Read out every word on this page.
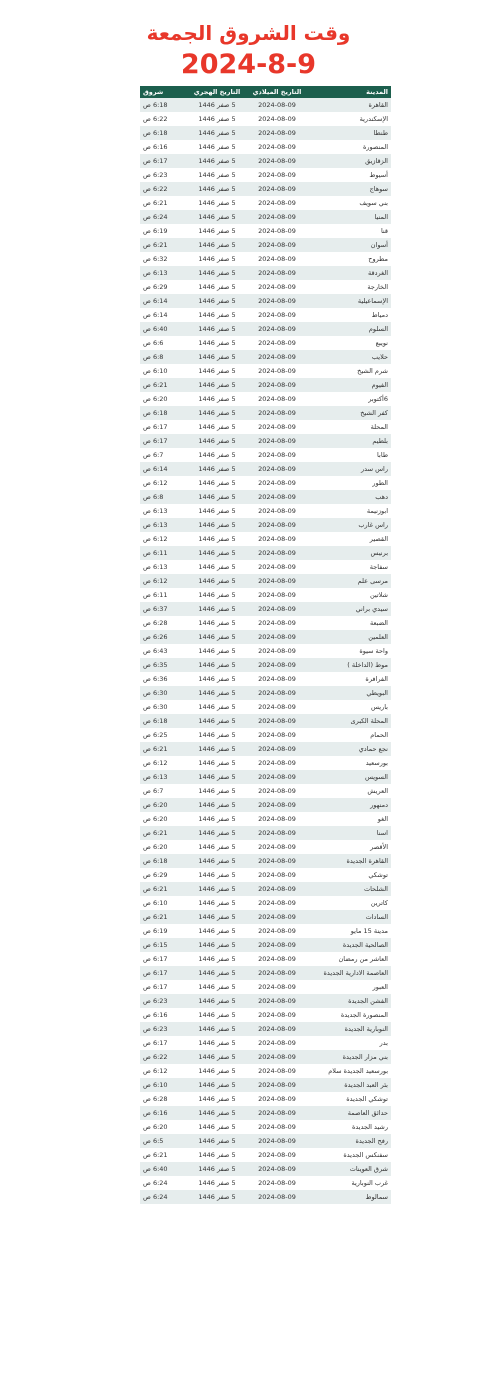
وقت الشروق الجمعة
2024-8-9
المدينة	التاريخ الميلادي	التاريخ الهجري	شروق
القاهرة	2024-08-09	5 صفر 1446	6:18 ص
الإسكندرية	2024-08-09	5 صفر 1446	6:22 ص
طنطا	2024-08-09	5 صفر 1446	6:18 ص
المنصورة	2024-08-09	5 صفر 1446	6:16 ص
الزقازيق	2024-08-09	5 صفر 1446	6:17 ص
أسيوط	2024-08-09	5 صفر 1446	6:23 ص
سوهاج	2024-08-09	5 صفر 1446	6:22 ص
بني سويف	2024-08-09	5 صفر 1446	6:21 ص
المنيا	2024-08-09	5 صفر 1446	6:24 ص
قنا	2024-08-09	5 صفر 1446	6:19 ص
أسوان	2024-08-09	5 صفر 1446	6:21 ص
مطروح	2024-08-09	5 صفر 1446	6:32 ص
الغردقة	2024-08-09	5 صفر 1446	6:13 ص
الخارجة	2024-08-09	5 صفر 1446	6:29 ص
الإسماعيلية	2024-08-09	5 صفر 1446	6:14 ص
دمياط	2024-08-09	5 صفر 1446	6:14 ص
السلوم	2024-08-09	5 صفر 1446	6:40 ص
نويبع	2024-08-09	5 صفر 1446	6:6 ص
حلايب	2024-08-09	5 صفر 1446	6:8 ص
شرم الشيخ	2024-08-09	5 صفر 1446	6:10 ص
الفيوم	2024-08-09	5 صفر 1446	6:21 ص
6أكتوبر	2024-08-09	5 صفر 1446	6:20 ص
كفر الشيخ	2024-08-09	5 صفر 1446	6:18 ص
المحلة	2024-08-09	5 صفر 1446	6:17 ص
بلطيم	2024-08-09	5 صفر 1446	6:17 ص
طابا	2024-08-09	5 صفر 1446	6:7 ص
راس سدر	2024-08-09	5 صفر 1446	6:14 ص
الطور	2024-08-09	5 صفر 1446	6:12 ص
دهب	2024-08-09	5 صفر 1446	6:8 ص
ابوزنيمة	2024-08-09	5 صفر 1446	6:13 ص
راس غارب	2024-08-09	5 صفر 1446	6:13 ص
القصير	2024-08-09	5 صفر 1446	6:12 ص
برنيس	2024-08-09	5 صفر 1446	6:11 ص
سفاجة	2024-08-09	5 صفر 1446	6:13 ص
مرسى علم	2024-08-09	5 صفر 1446	6:12 ص
شلاتين	2024-08-09	5 صفر 1446	6:11 ص
سيدي براني	2024-08-09	5 صفر 1446	6:37 ص
الضبعة	2024-08-09	5 صفر 1446	6:28 ص
العلمين	2024-08-09	5 صفر 1446	6:26 ص
واحة سيوة	2024-08-09	5 صفر 1446	6:43 ص
موط (الداخلة )	2024-08-09	5 صفر 1446	6:35 ص
الفرافرة	2024-08-09	5 صفر 1446	6:36 ص
البويطي	2024-08-09	5 صفر 1446	6:30 ص
باريس	2024-08-09	5 صفر 1446	6:30 ص
المحلة الكبرى	2024-08-09	5 صفر 1446	6:18 ص
الحمام	2024-08-09	5 صفر 1446	6:25 ص
نجع حمادي	2024-08-09	5 صفر 1446	6:21 ص
بورسعيد	2024-08-09	5 صفر 1446	6:12 ص
السويس	2024-08-09	5 صفر 1446	6:13 ص
العريش	2024-08-09	5 صفر 1446	6:7 ص
دمنهور	2024-08-09	5 صفر 1446	6:20 ص
الغو	2024-08-09	5 صفر 1446	6:20 ص
اسنا	2024-08-09	5 صفر 1446	6:21 ص
الأقصر	2024-08-09	5 صفر 1446	6:20 ص
القاهرة الجديدة	2024-08-09	5 صفر 1446	6:18 ص
توشكي	2024-08-09	5 صفر 1446	6:29 ص
الشلحات	2024-08-09	5 صفر 1446	6:21 ص
كاترين	2024-08-09	5 صفر 1446	6:10 ص
السادات	2024-08-09	5 صفر 1446	6:21 ص
مدينة 15 مايو	2024-08-09	5 صفر 1446	6:19 ص
الصالحية الجديدة	2024-08-09	5 صفر 1446	6:15 ص
العاشر من رمضان	2024-08-09	5 صفر 1446	6:17 ص
العاصمة الادارية الجديدة	2024-08-09	5 صفر 1446	6:17 ص
العبور	2024-08-09	5 صفر 1446	6:17 ص
الفشن الجديدة	2024-08-09	5 صفر 1446	6:23 ص
المنصورة الجديدة	2024-08-09	5 صفر 1446	6:16 ص
النوبارية الجديدة	2024-08-09	5 صفر 1446	6:23 ص
بدر	2024-08-09	5 صفر 1446	6:17 ص
بني مزار الجديدة	2024-08-09	5 صفر 1446	6:22 ص
بورسعيد الجديدة سلام	2024-08-09	5 صفر 1446	6:12 ص
بئر العبد الجديدة	2024-08-09	5 صفر 1446	6:10 ص
توشكي الجديدة	2024-08-09	5 صفر 1446	6:28 ص
حدائق العاصمة	2024-08-09	5 صفر 1446	6:16 ص
رشيد الجديدة	2024-08-09	5 صفر 1446	6:20 ص
رفح الجديدة	2024-08-09	5 صفر 1446	6:5 ص
سفنكس الجديدة	2024-08-09	5 صفر 1446	6:21 ص
شرق العوينات	2024-08-09	5 صفر 1446	6:40 ص
غرب النوبارية	2024-08-09	5 صفر 1446	6:24 ص
سمالوط	2024-08-09	5 صفر 1446	6:24 ص
